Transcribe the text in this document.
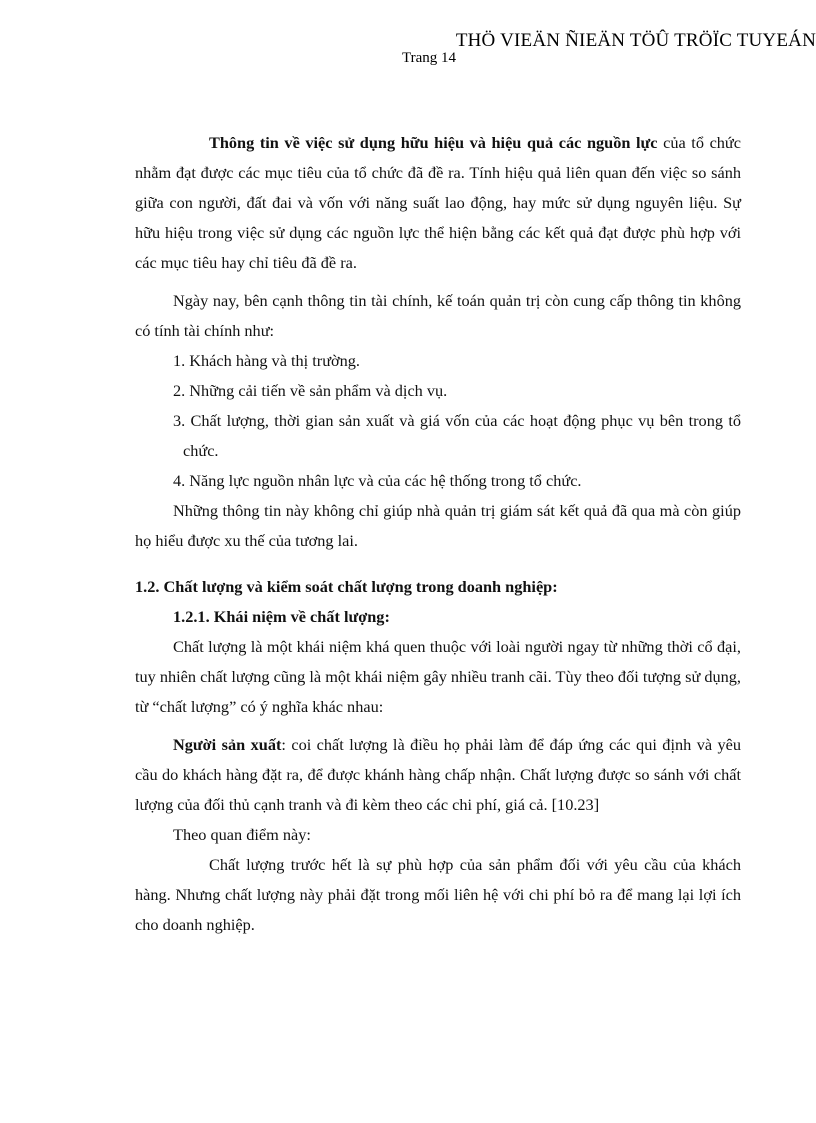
THÖ VIEÄN ÑIEÄN TÖÛ TRÖÏC TUYEÁN
Trang 14

Thông tin về việc sử dụng hữu hiệu và hiệu quả các nguồn lực của tổ chức nhằm đạt được các mục tiêu của tổ chức đã đề ra. Tính hiệu quả liên quan đến việc so sánh giữa con người, đất đai và vốn với năng suất lao động, hay mức sử dụng nguyên liệu. Sự hữu hiệu trong việc sử dụng các nguồn lực thể hiện bằng các kết quả đạt được phù hợp với các mục tiêu hay chỉ tiêu đã đề ra.

Ngày nay, bên cạnh thông tin tài chính, kế toán quản trị còn cung cấp thông tin không có tính tài chính như:

1. Khách hàng và thị trường.

2. Những cải tiến về sản phẩm và dịch vụ.

3. Chất lượng, thời gian sản xuất và giá vốn của các hoạt động phục vụ bên trong tổ chức.

4. Năng lực nguồn nhân lực và của các hệ thống trong tổ chức.

Những thông tin này không chỉ giúp nhà quản trị giám sát kết quả đã qua mà còn giúp họ hiểu được xu thế của tương lai.

1.2. Chất lượng và kiểm soát chất lượng trong doanh nghiệp:

1.2.1. Khái niệm về chất lượng:

Chất lượng là một khái niệm khá quen thuộc với loài người ngay từ những thời cổ đại, tuy nhiên chất lượng cũng là một khái niệm gây nhiều tranh cãi. Tùy theo đối tượng sử dụng, từ “chất lượng” có ý nghĩa khác nhau:

Người sản xuất: coi chất lượng là điều họ phải làm để đáp ứng các qui định và yêu cầu do khách hàng đặt ra, để được khánh hàng chấp nhận. Chất lượng được so sánh với chất lượng của đối thủ cạnh tranh và đi kèm theo các chi phí, giá cả. [10.23]

Theo quan điểm này:

Chất lượng trước hết là sự phù hợp của sản phẩm đối với yêu cầu của khách hàng. Nhưng chất lượng này phải đặt trong mối liên hệ với chi phí bỏ ra để mang lại lợi ích cho doanh nghiệp.
